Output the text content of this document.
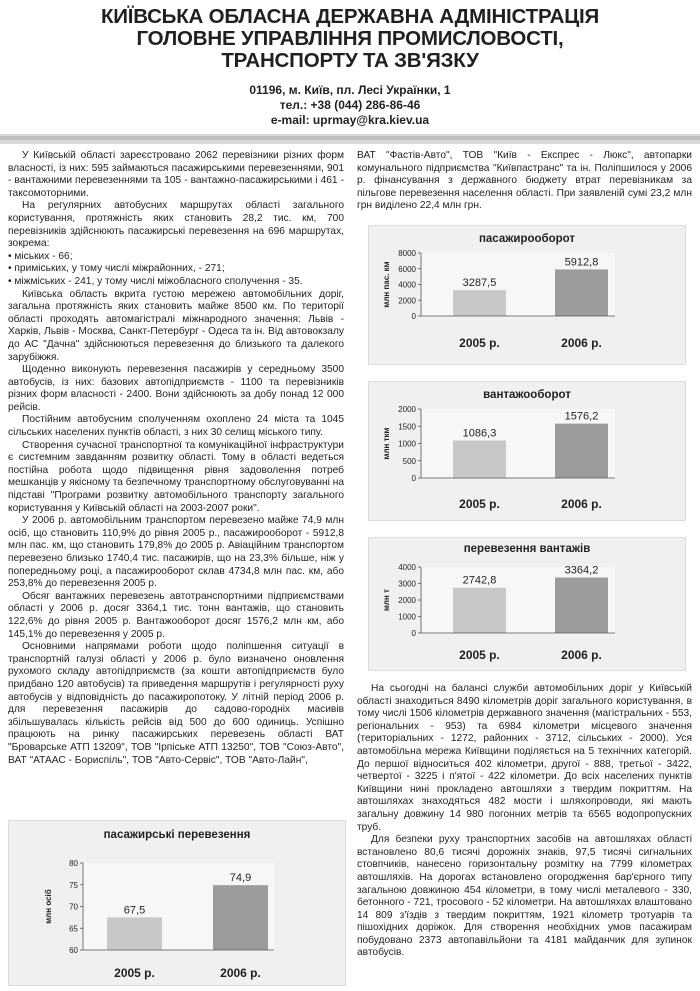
КИЇВСЬКА ОБЛАСНА ДЕРЖАВНА АДМІНІСТРАЦІЯ
ГОЛОВНЕ УПРАВЛІННЯ ПРОМИСЛОВОСТІ,
ТРАНСПОРТУ ТА ЗВ'ЯЗКУ
01196, м. Київ, пл. Лесі Українки, 1
тел.: +38 (044) 286-86-46
e-mail: uprmay@kra.kiev.ua

У Київській області зареєстровано 2062 перевізники різних форм власності, із них: 595 займаються пасажирськими перевезеннями, 901 - вантажними перевезеннями та 105 - вантажно-пасажирськими і 461 - таксомоторними.

На регулярних автобусних маршрутах області загального користування, протяжність яких становить 28,2 тис. км, 700 перевізників здійснюють пасажирські перевезення на 696 маршрутах, зокрема:

• міських - 66;

• приміських, у тому числі міжрайонних, - 271;

• міжміських - 241, у тому числі міжобласного сполучення - 35.

Київська область вкрита густою мережею автомобільних доріг, загальна протяжність яких становить майже 8500 км. По території області проходять автомагістралі міжнародного значення: Львів - Харків, Львів - Москва, Санкт-Петербург - Одеса та ін. Від автовокзалу до АС "Дачна" здійснюються перевезення до близького та далекого зарубіжжя.

Щоденно виконують перевезення пасажирів у середньому 3500 автобусів, із них: базових автопідприємств - 1100 та перевізників різних форм власності - 2400. Вони здійснюють за добу понад 12 000 рейсів.

Постійним автобусним сполученням охоплено 24 міста та 1045 сільських населених пунктів області, з них 30 селищ міського типу.

Створення сучасної транспортної та комунікаційної інфраструктури є системним завданням розвитку області. Тому в області ведеться постійна робота щодо підвищення рівня задоволення потреб мешканців у якісному та безпечному транспортному обслуговуванні на підставі "Програми розвитку автомобільного транспорту загального користування у Київській області на 2003-2007 роки".

У 2006 р. автомобільним транспортом перевезено майже 74,9 млн осіб, що становить 110,9% до рівня 2005 р., пасажирооборот - 5912,8 млн пас. км, що становить 179,8% до 2005 р. Авіаційним транспортом перевезено близько 1740,4 тис. пасажирів, що на 23,3% більше, ніж у попередньому році, а пасажирооборот склав 4734,8 млн пас. км, або 253,8% до перевезення 2005 р.

Обсяг вантажних перевезень автотранспортними підприємствами області у 2006 р. досяг 3364,1 тис. тонн вантажів, що становить 122,6% до рівня 2005 р. Вантажооборот досяг 1576,2 млн км, або 145,1% до перевезення у 2005 р.

Основними напрямами роботи щодо поліпшення ситуації в транспортній галузі області у 2006 р. було визначено оновлення рухомого складу автопідприємств (за кошти автопідприємств було придбано 120 автобусів) та приведення маршрутів і регулярності руху автобусів у відповідність до пасажиропотоку. У літній період 2006 р. для перевезення пасажирів до садово-городніх масивів збільшувалась кількість рейсів від 500 до 600 одиниць. Успішно працюють на ринку пасажирських перевезень області ВАТ "Броварське АТП 13209", ТОВ "Ірпіське АТП 13250", ТОВ "Союз-Авто", ВАТ "АТААС - Бориспіль", ТОВ "Авто-Сервіс", ТОВ "Авто-Лайн",

ВАТ "Фастів-Авто", ТОВ "Київ - Експрес - Люкс", автопарки комунального підприємства "Київпастранс" та ін. Поліпшилося у 2006 р. фінансування з державного бюджету втрат перевізникам за пільгове перевезення населення області. При заявленій сумі 23,2 млн грн виділено 22,4 млн грн.

На сьогодні на балансі служби автомобільних доріг у Київській області знаходиться 8490 кілометрів доріг загального користування, в тому числі 1506 кілометрів державного значення (магістральних - 553, регіональних - 953) та 6984 кілометри місцевого значення (територіальних - 1272, районних - 3712, сільських - 2000). Уся автомобільна мережа Київщини поділяється на 5 технічних категорій. До першої відноситься 402 кілометри, другої - 888, третьої - 3422, четвертої - 3225 і п'ятої - 422 кілометри. До всіх населених пунктів Київщини нині прокладено автошляхи з твердим покриттям. На автошляхах знаходяться 482 мости і шляхопроводи, які мають загальну довжину 14 980 погонних метрів та 6565 водопропускних труб.

Для безпеки руху транспортних засобів на автошляхах області встановлено 80,6 тисячі дорожніх знаків, 97,5 тисячі сигнальних стовпчиків, нанесено горизонтальну розмітку на 7799 кілометрах автошляхів. На дорогах встановлено огородження бар'єрного типу загальною довжиною 454 кілометри, в тому числі металевого - 330, бетонного - 721, тросового - 52 кілометри. На автошляхах влаштовано 14 809 з'їздів з твердим покриттям, 1921 кілометр тротуарів та пішохідних доріжок. Для створення необхідних умов пасажирам побудовано 2373 автопавільйони та 4181 майданчик для зупинок автобусів.

пасажирооборот
3287,5
2005 р.
5912,8
2006 р.
0
2000
4000
6000
8000
млн пас. км
вантажооборот
1086,3
2005 р.
1576,2
2006 р.
0
500
1000
1500
2000
млн ткм
перевезення вантажів
2742,8
2005 р.
3364,2
2006 р.
0
1000
2000
3000
4000
млн т
пасажирські перевезення
67,5
2005 р.
74,9
2006 р.
60
65
70
75
80
млн осіб
